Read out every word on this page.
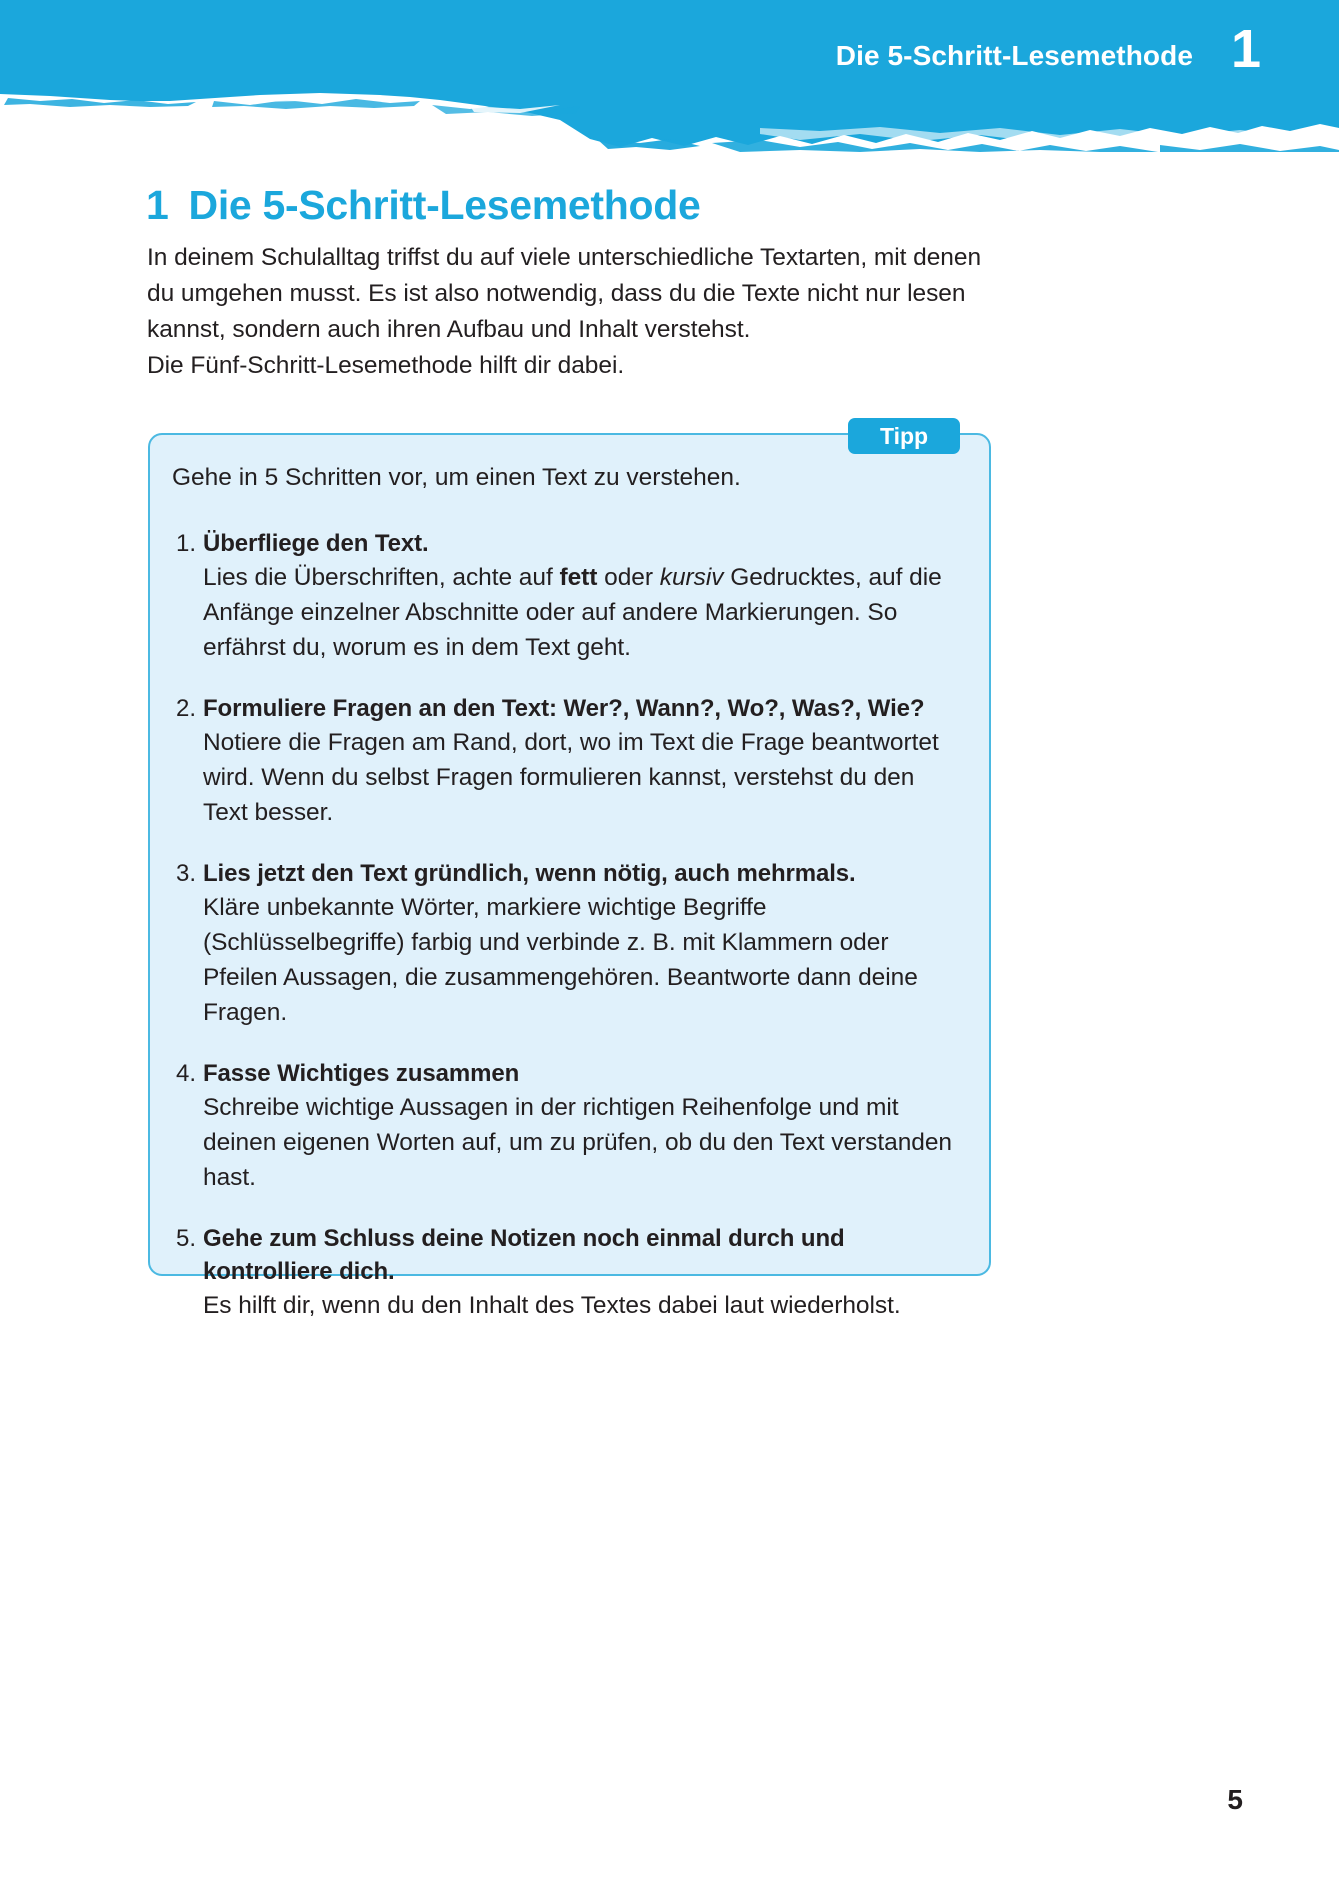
Die 5-Schritt-Lesemethode 1
1 Die 5-Schritt-Lesemethode

In deinem Schulalltag triffst du auf viele unterschiedliche Textarten, mit denen

du umgehen musst. Es ist also notwendig, dass du die Texte nicht nur lesen

kannst, sondern auch ihren Aufbau und Inhalt verstehst.

Die Fünf-Schritt-Lesemethode hilft dir dabei.

Gehe in 5 Schritten vor, um einen Text zu verstehen.

1. Überfliege den Text.

Lies die Überschriften, achte auf fett oder kursiv Gedrucktes, auf die Anfänge einzelner Abschnitte oder auf andere Markierungen. So erfährst du, worum es in dem Text geht.

2. Formuliere Fragen an den Text: Wer?, Wann?, Wo?, Was?, Wie?

Notiere die Fragen am Rand, dort, wo im Text die Frage beantwortet wird. Wenn du selbst Fragen formulieren kannst, verstehst du den Text besser.

3. Lies jetzt den Text gründlich, wenn nötig, auch mehrmals.

Kläre unbekannte Wörter, markiere wichtige Begriffe (Schlüsselbegriffe) farbig und verbinde z. B. mit Klammern oder Pfeilen Aussagen, die zusammengehören. Beantworte dann deine Fragen.

4. Fasse Wichtiges zusammen

Schreibe wichtige Aussagen in der richtigen Reihenfolge und mit deinen eigenen Worten auf, um zu prüfen, ob du den Text verstanden hast.

5. Gehe zum Schluss deine Notizen noch einmal durch und kontrolliere dich.

Es hilft dir, wenn du den Inhalt des Textes dabei laut wiederholst.

Tipp
5
